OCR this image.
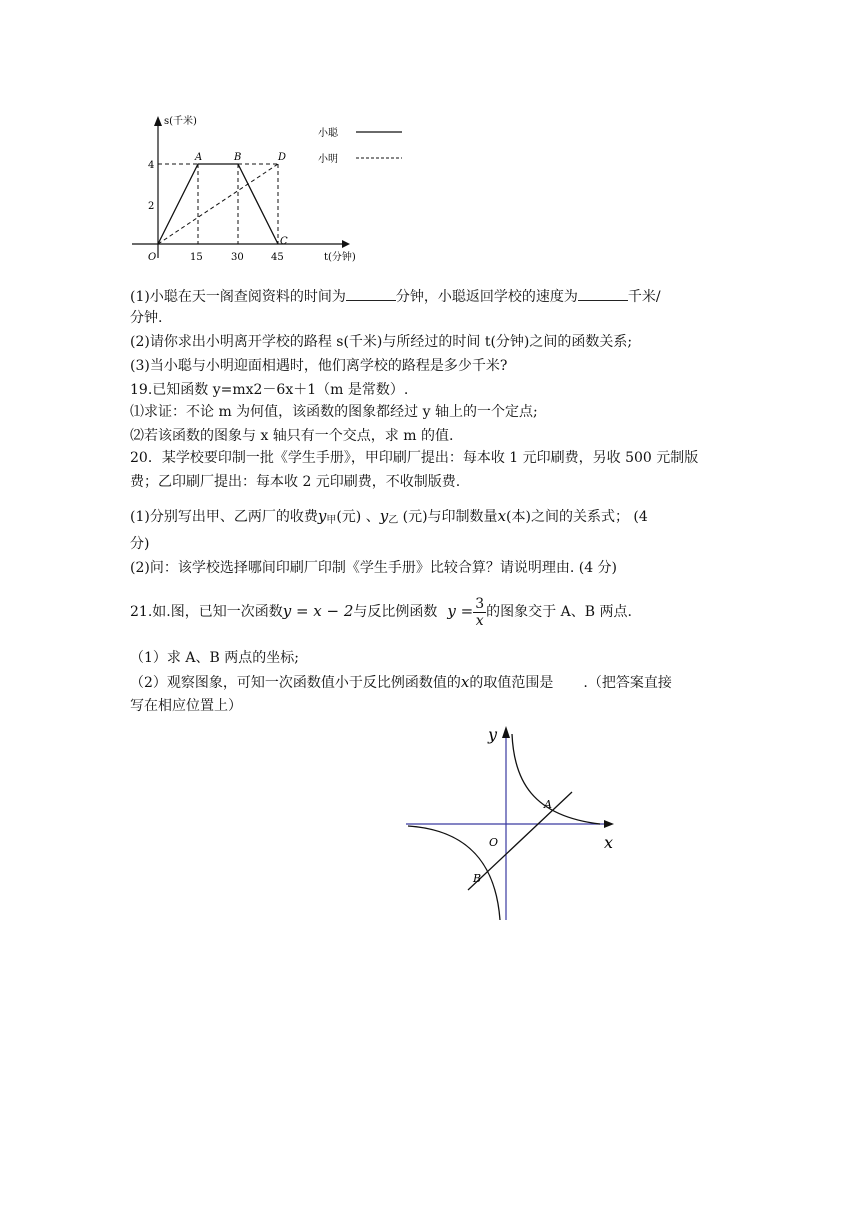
s(千米)
t(分钟)
O
4
2
15	30	45
A	B	D
C
小聪
小明
(1)小聪在天一阁查阅资料的时间为	分钟，小聪返回学校的速度为	千米/
分钟.
(2)请你求出小明离开学校的路程 s(千米)与所经过的时间 t(分钟)之间的函数关系;
(3)当小聪与小明迎面相遇时，他们离学校的路程是多少千米?
19.已知函数 y=mx2－6x＋1（m 是常数）.
⑴求证：不论 m 为何值，该函数的图象都经过 y 轴上的一个定点;
⑵若该函数的图象与 x 轴只有一个交点，求 m 的值.
20．某学校要印制一批《学生手册》，甲印刷厂提出：每本收 1 元印刷费，另收 500 元制版
费；乙印刷厂提出：每本收 2 元印刷费，不收制版费.
(1)分别写出甲、乙两厂的收费$y_甲$(元) 、$y_乙$ (元)与印制数量x(本)之间的关系式； (4
分)
(2)问：该学校选择哪间印刷厂印制《学生手册》比较合算？请说明理由. (4 分)
21.如.图，已知一次函数y = x − 2与反比例函数 $y = \frac{3}{x}$ 的图象交于 A、B 两点.
（1）求 A、B 两点的坐标;
（2）观察图象，可知一次函数值小于反比例函数值的x的取值范围是 .（把答案直接
写在相应位置上）
y
x
O
A
B
